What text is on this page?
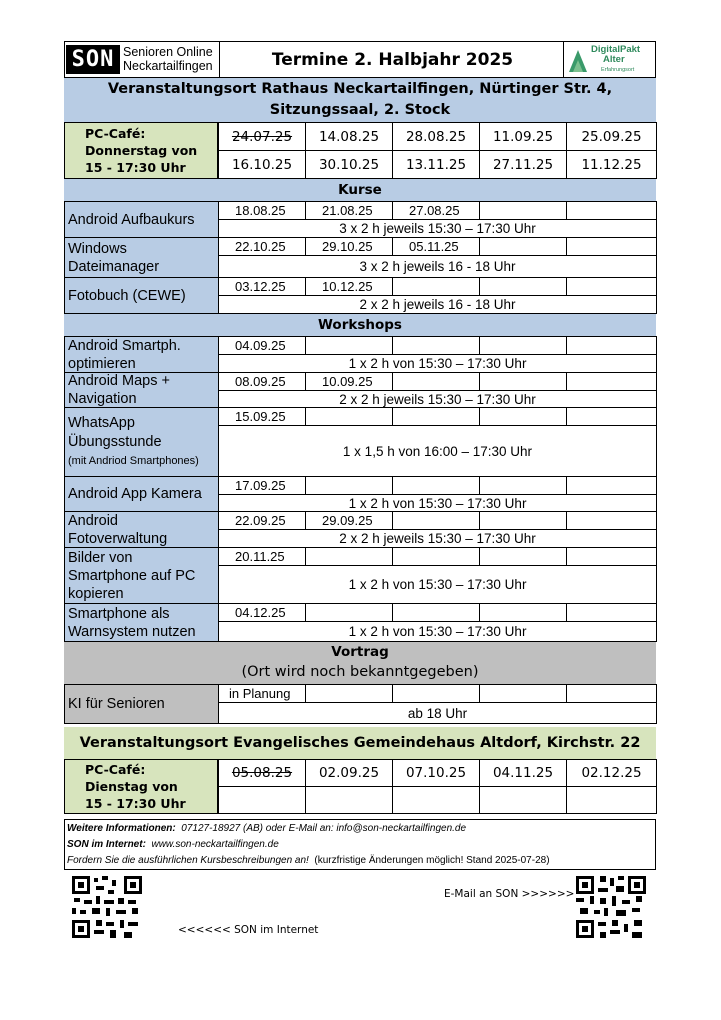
SON Senioren Online
Neckartailfingen	Termine 2. Halbjahr 2025	DigitalPakt
Alter
Erfahrungsort
Veranstaltungsort Rathaus Neckartailfingen, Nürtinger Str. 4,
Sitzungssaal, 2. Stock
PC-Café:
Donnerstag von
15 - 17:30 Uhr
24.07.25	14.08.25	28.08.25	11.09.25	25.09.25
16.10.25	30.10.25	13.11.25	27.11.25	11.12.25
Kurse
Android Aufbaukurs
18.08.25	21.08.25	27.08.25
3 x 2 h jeweils 15:30 – 17:30 Uhr
Windows
Dateimanager
22.10.25	29.10.25	05.11.25
3 x 2 h jeweils 16 - 18 Uhr
Fotobuch (CEWE)
03.12.25	10.12.25
2 x 2 h jeweils 16 - 18 Uhr
Workshops
Android Smartph.
optimieren
04.09.25
1 x 2 h von 15:30 – 17:30 Uhr
Android Maps +
Navigation
08.09.25	10.09.25
2 x 2 h jeweils 15:30 – 17:30 Uhr
WhatsApp
Übungsstunde
(mit Andriod Smartphones)
15.09.25
1 x 1,5 h von 16:00 – 17:30 Uhr
Android App Kamera
17.09.25
1 x 2 h von 15:30 – 17:30 Uhr
Android
Fotoverwaltung
22.09.25	29.09.25
2 x 2 h jeweils 15:30 – 17:30 Uhr
Bilder von
Smartphone auf PC
kopieren
20.11.25
1 x 2 h von 15:30 – 17:30 Uhr
Smartphone als
Warnsystem nutzen
04.12.25
1 x 2 h von 15:30 – 17:30 Uhr
Vortrag
(Ort wird noch bekanntgegeben)
KI für Senioren
in Planung
ab 18 Uhr
Veranstaltungsort Evangelisches Gemeindehaus Altdorf, Kirchstr. 22
PC-Café:
Dienstag von
15 - 17:30 Uhr
05.08.25	02.09.25	07.10.25	04.11.25	02.12.25
Weitere Informationen: 07127-18927 (AB) oder E-Mail an: info@son-neckartailfingen.de
SON im Internet: www.son-neckartailfingen.de
Fordern Sie die ausführlichen Kursbeschreibungen an! (kurzfristige Änderungen möglich! Stand 2025-07-28)
E-Mail an SON >>>>>>
<<<<<< SON im Internet
